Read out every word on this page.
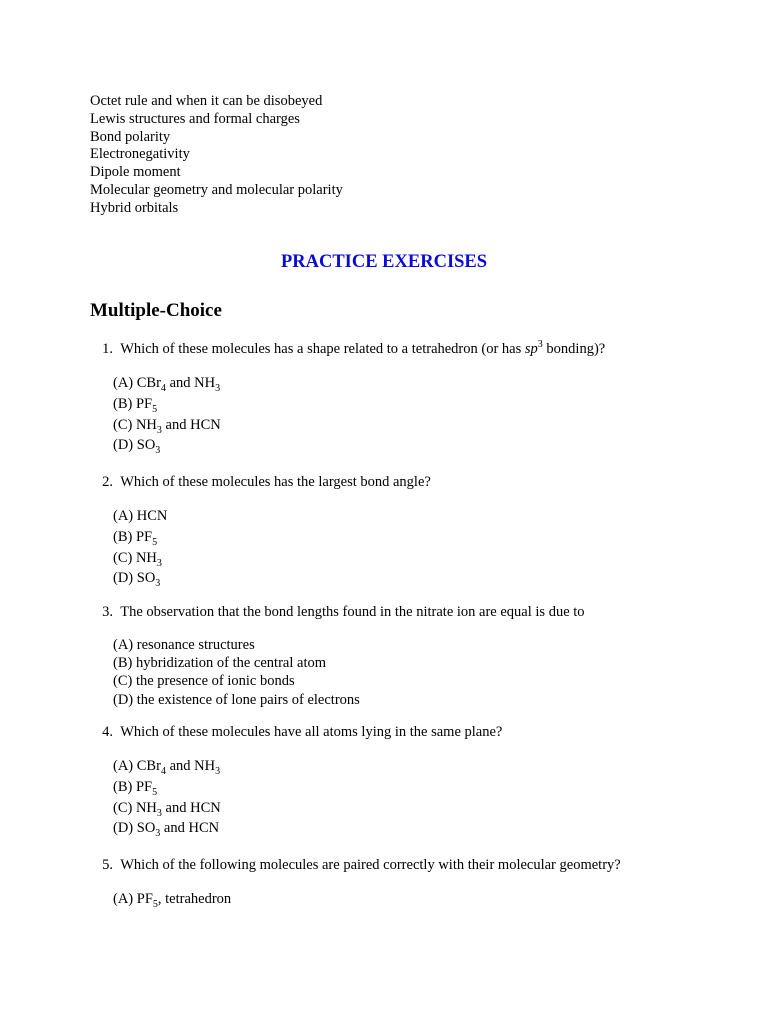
Octet rule and when it can be disobeyed
Lewis structures and formal charges
Bond polarity
Electronegativity
Dipole moment
Molecular geometry and molecular polarity
Hybrid orbitals
PRACTICE EXERCISES
Multiple-Choice
1. Which of these molecules has a shape related to a tetrahedron (or has $sp^3$ bonding)?
(A) CBr$_4$ and $NH_3$
(B) $PF_5$
(C) $NH_3$ and HCN
(D) $SO_3$
2. Which of these molecules has the largest bond angle?
(A) HCN
(B) $PF_5$
(C) $NH_3$
(D) $SO_3$
3. The observation that the bond lengths found in the nitrate ion are equal is due to
(A) resonance structures
(B) hybridization of the central atom
(C) the presence of ionic bonds
(D) the existence of lone pairs of electrons
4. Which of these molecules have all atoms lying in the same plane?
(A) CBr$_4$ and $NH_3$
(B) $PF_5$
(C) $NH_3$ and HCN
(D) $SO_3$ and HCN
5. Which of the following molecules are paired correctly with their molecular geometry?
(A) $PF_5$, tetrahedron
